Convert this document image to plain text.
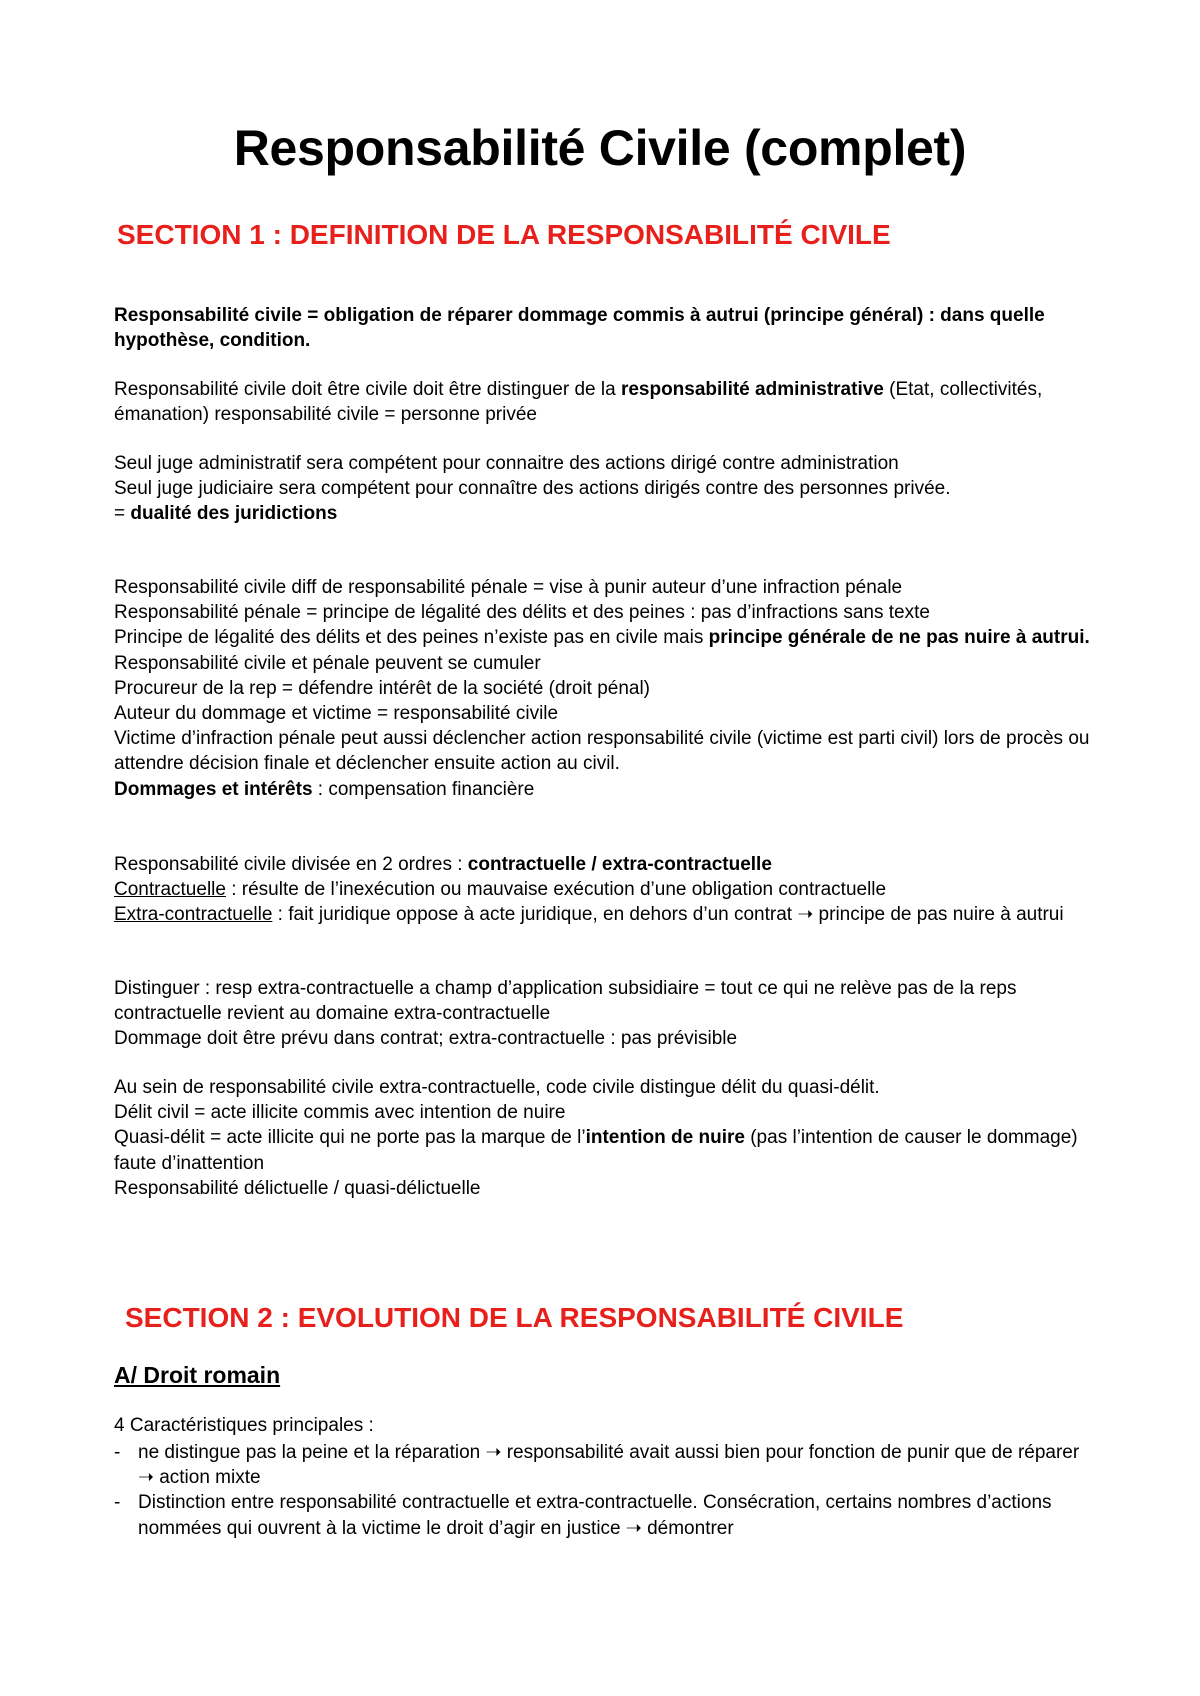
Responsabilité Civile (complet)
SECTION 1 : DEFINITION DE LA RESPONSABILITÉ CIVILE

Responsabilité civile = obligation de réparer dommage commis à autrui (principe général) : dans quelle hypothèse, condition.

Responsabilité civile doit être civile doit être distinguer de la responsabilité administrative (Etat, collectivités, émanation) responsabilité civile = personne privée

Seul juge administratif sera compétent pour connaitre des actions dirigé contre administration
Seul juge judiciaire sera compétent pour connaître des actions dirigés contre des personnes privée.
= dualité des juridictions
Responsabilité civile diff de responsabilité pénale = vise à punir auteur d’une infraction pénale
Responsabilité pénale = principe de légalité des délits et des peines : pas d’infractions sans texte
Principe de légalité des délits et des peines n’existe pas en civile mais principe générale de ne pas nuire à autrui.
Responsabilité civile et pénale peuvent se cumuler
Procureur de la rep = défendre intérêt de la société (droit pénal)
Auteur du dommage et victime = responsabilité civile
Victime d’infraction pénale peut aussi déclencher action responsabilité civile (victime est parti civil) lors de procès ou attendre décision finale et déclencher ensuite action au civil.
Dommages et intérêts : compensation financière
Responsabilité civile divisée en 2 ordres : contractuelle / extra-contractuelle
Contractuelle : résulte de l’inexécution ou mauvaise exécution d’une obligation contractuelle
Extra-contractuelle : fait juridique oppose à acte juridique, en dehors d’un contrat ➝ principe de pas nuire à autrui
Distinguer : resp extra-contractuelle a champ d’application subsidiaire = tout ce qui ne relève pas de la reps contractuelle revient au domaine extra-contractuelle
Dommage doit être prévu dans contrat; extra-contractuelle : pas prévisible
Au sein de responsabilité civile extra-contractuelle, code civile distingue délit du quasi-délit.
Délit civil = acte illicite commis avec intention de nuire
Quasi-délit = acte illicite qui ne porte pas la marque de l’intention de nuire (pas l’intention de causer le dommage) faute d’inattention
Responsabilité délictuelle / quasi-délictuelle
SECTION 2 : EVOLUTION DE LA RESPONSABILITÉ CIVILE
A/ Droit romain

4 Caractéristiques principales :

- ne distingue pas la peine et la réparation ➝ responsabilité avait aussi bien pour fonction de punir que de réparer ➝ action mixte
- Distinction entre responsabilité contractuelle et extra-contractuelle. Consécration, certains nombres d’actions nommées qui ouvrent à la victime le droit d’agir en justice ➝ démontrer
